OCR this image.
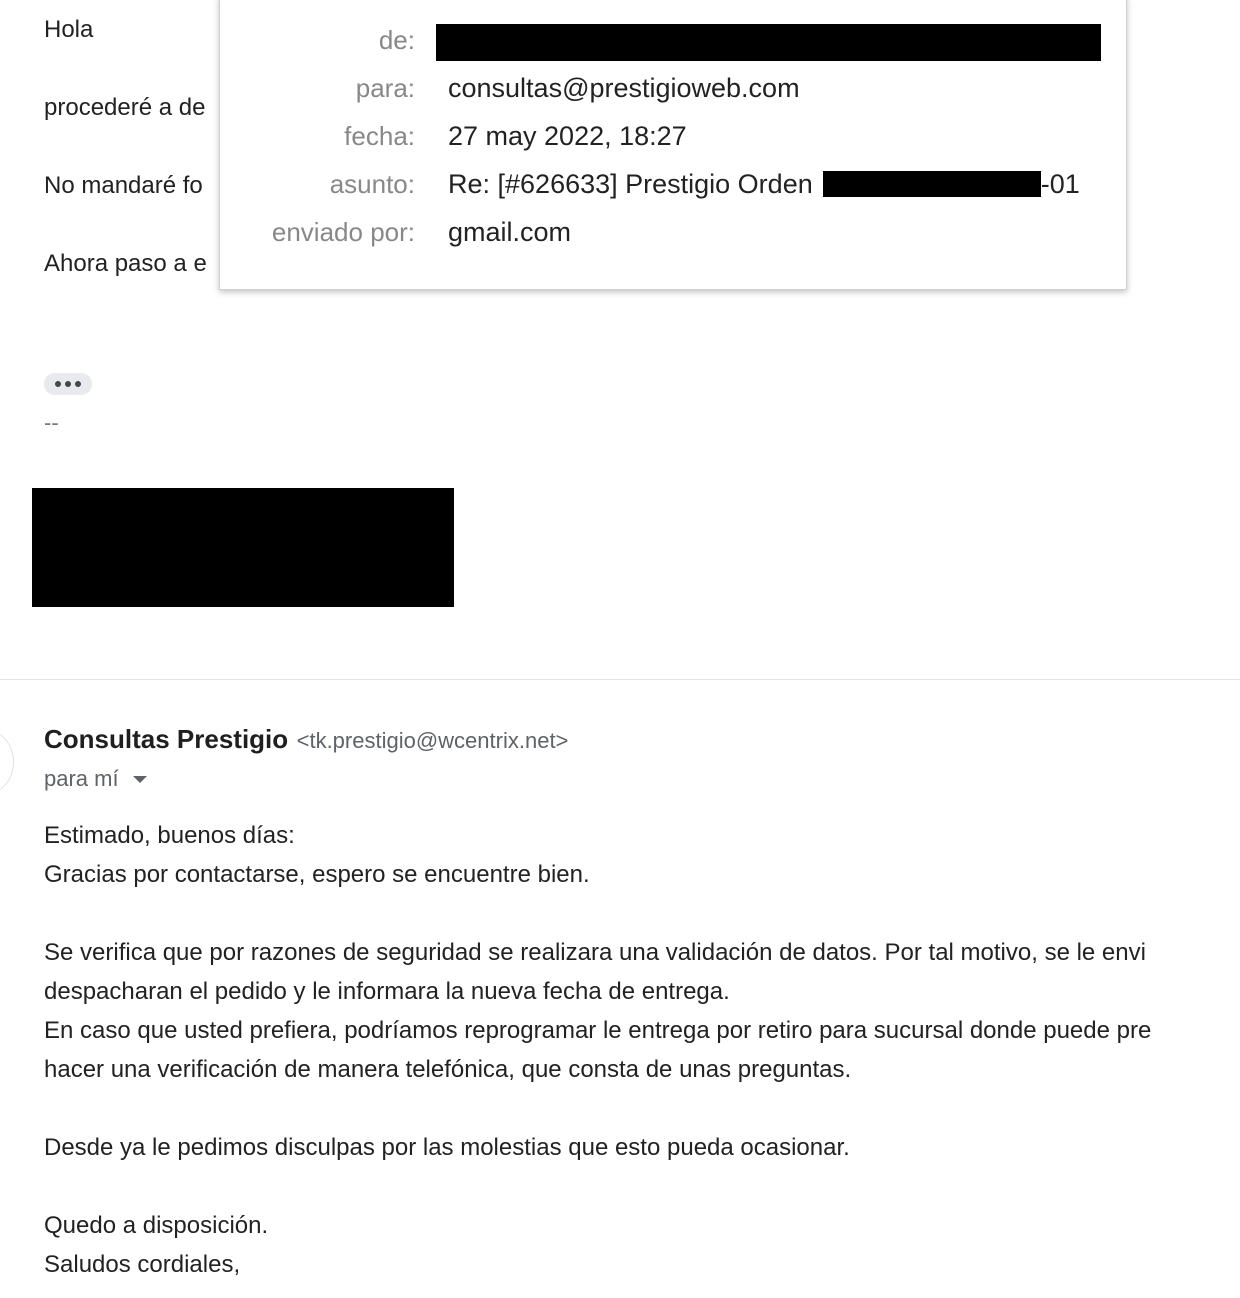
Hola
procederé a de
No mandaré fo
Ahora paso a e
--
de:
para: consultas@prestigioweb.com
fecha: 27 may 2022, 18:27
asunto: Re: [#626633] Prestigio Orden	-01
enviado por: gmail.com
Consultas Prestigio <tk.prestigio@wcentrix.net>
para mí
Estimado, buenos días:
Gracias por contactarse, espero se encuentre bien.
Se verifica que por razones de seguridad se realizara una validación de datos. Por tal motivo, se le envi
despacharan el pedido y le informara la nueva fecha de entrega.
En caso que usted prefiera, podríamos reprogramar le entrega por retiro para sucursal donde puede pre
hacer una verificación de manera telefónica, que consta de unas preguntas.
Desde ya le pedimos disculpas por las molestias que esto pueda ocasionar.
Quedo a disposición.
Saludos cordiales,
